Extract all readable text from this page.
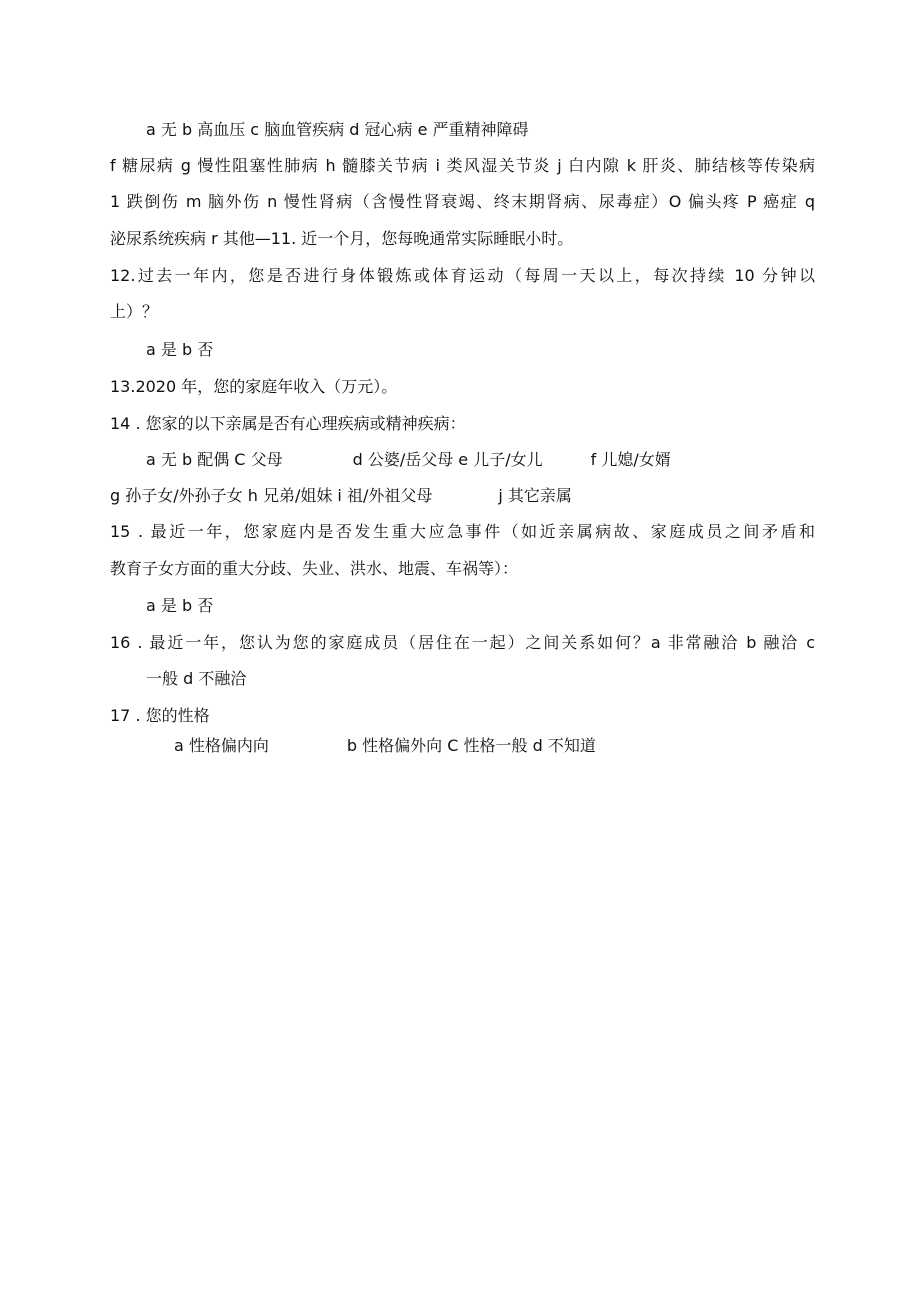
a 无 b 高血压 c 脑血管疾病 d 冠心病 e 严重精神障碍
f 糖尿病 g 慢性阻塞性肺病 h 髓膝关节病 i 类风湿关节炎 j 白内隙 k 肝炎、肺结核等传染病
1 跌倒伤 m 脑外伤 n 慢性肾病（含慢性肾衰竭、终末期肾病、尿毒症）O 偏头疼 P 癌症 q
泌尿系统疾病 r 其他—11. 近一个月，您每晚通常实际睡眠小时。
12.过去一年内，您是否进行身体锻炼或体育运动（每周一天以上，每次持续 10 分钟以
上）？
a 是 b 否
13.2020 年，您的家庭年收入（万元）。
14 . 您家的以下亲属是否有心理疾病或精神疾病：
a 无 b 配偶 C 父母	d 公婆/岳父母 e 儿子/女儿	f 儿媳/女婿
g 孙子女/外孙子女 h 兄弟/姐妹 i 祖/外祖父母	j 其它亲属
15 . 最近一年，您家庭内是否发生重大应急事件（如近亲属病故、家庭成员之间矛盾和
教育子女方面的重大分歧、失业、洪水、地震、车祸等）：
a 是 b 否
16 . 最近一年，您认为您的家庭成员（居住在一起）之间关系如何？a 非常融洽 b 融洽 c
一般 d 不融洽
17 . 您的性格
a 性格偏内向	b 性格偏外向 C 性格一般 d 不知道
